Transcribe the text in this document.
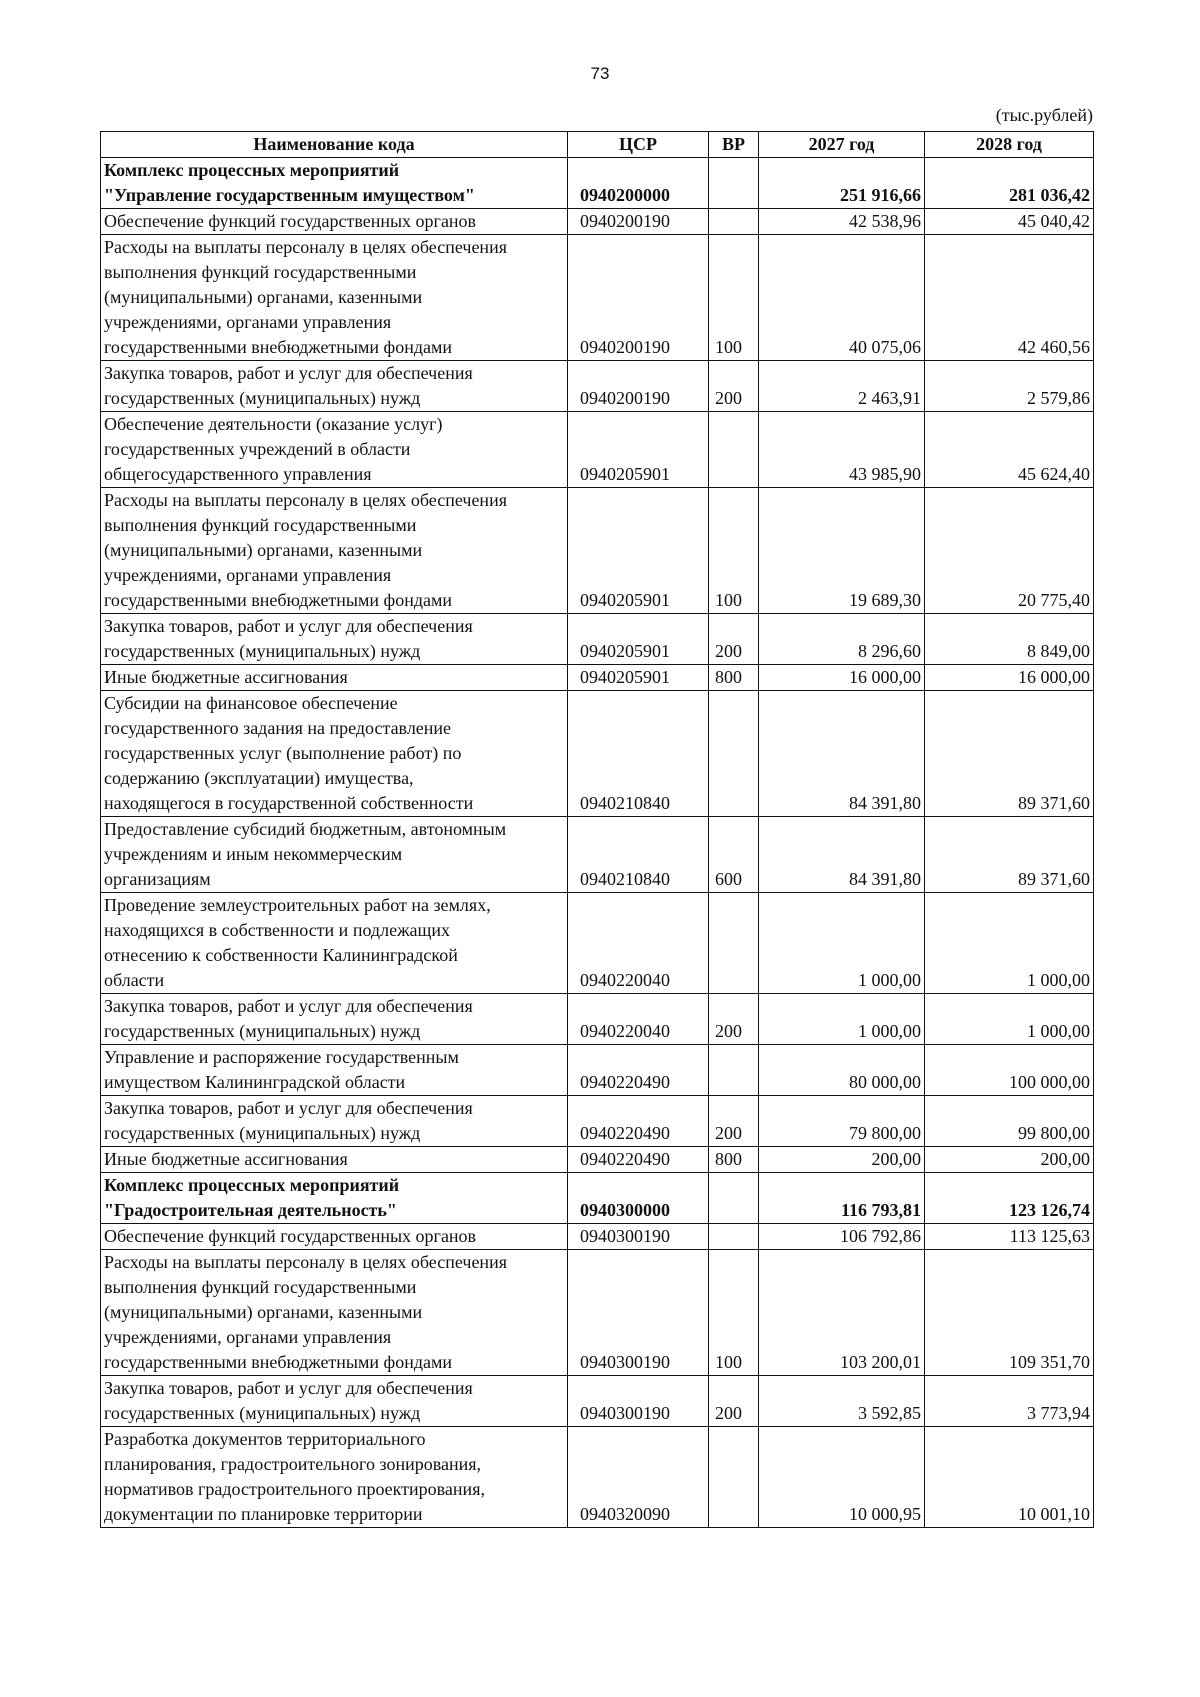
73
(тыс.рублей)
Наименование кода	ЦСР	ВР	2027 год	2028 год
Комплекс процессных мероприятий
"Управление государственным имуществом"	0940200000		251 916,66	281 036,42
Обеспечение функций государственных органов	0940200190		42 538,96	45 040,42
Расходы на выплаты персоналу в целях обеспечения
выполнения функций государственными
(муниципальными) органами, казенными
учреждениями, органами управления
государственными внебюджетными фондами	0940200190	100	40 075,06	42 460,56
Закупка товаров, работ и услуг для обеспечения
государственных (муниципальных) нужд	0940200190	200	2 463,91	2 579,86
Обеспечение деятельности (оказание услуг)
государственных учреждений в области
общегосударственного управления	0940205901		43 985,90	45 624,40
Расходы на выплаты персоналу в целях обеспечения
выполнения функций государственными
(муниципальными) органами, казенными
учреждениями, органами управления
государственными внебюджетными фондами	0940205901	100	19 689,30	20 775,40
Закупка товаров, работ и услуг для обеспечения
государственных (муниципальных) нужд	0940205901	200	8 296,60	8 849,00
Иные бюджетные ассигнования	0940205901	800	16 000,00	16 000,00
Субсидии на финансовое обеспечение
государственного задания на предоставление
государственных услуг (выполнение работ) по
содержанию (эксплуатации) имущества,
находящегося в государственной собственности	0940210840		84 391,80	89 371,60
Предоставление субсидий бюджетным, автономным
учреждениям и иным некоммерческим
организациям	0940210840	600	84 391,80	89 371,60
Проведение землеустроительных работ на землях,
находящихся в собственности и подлежащих
отнесению к собственности Калининградской
области	0940220040		1 000,00	1 000,00
Закупка товаров, работ и услуг для обеспечения
государственных (муниципальных) нужд	0940220040	200	1 000,00	1 000,00
Управление и распоряжение государственным
имуществом Калининградской области	0940220490		80 000,00	100 000,00
Закупка товаров, работ и услуг для обеспечения
государственных (муниципальных) нужд	0940220490	200	79 800,00	99 800,00
Иные бюджетные ассигнования	0940220490	800	200,00	200,00
Комплекс процессных мероприятий
"Градостроительная деятельность"	0940300000		116 793,81	123 126,74
Обеспечение функций государственных органов	0940300190		106 792,86	113 125,63
Расходы на выплаты персоналу в целях обеспечения
выполнения функций государственными
(муниципальными) органами, казенными
учреждениями, органами управления
государственными внебюджетными фондами	0940300190	100	103 200,01	109 351,70
Закупка товаров, работ и услуг для обеспечения
государственных (муниципальных) нужд	0940300190	200	3 592,85	3 773,94
Разработка документов территориального
планирования, градостроительного зонирования,
нормативов градостроительного проектирования,
документации по планировке территории	0940320090		10 000,95	10 001,10
